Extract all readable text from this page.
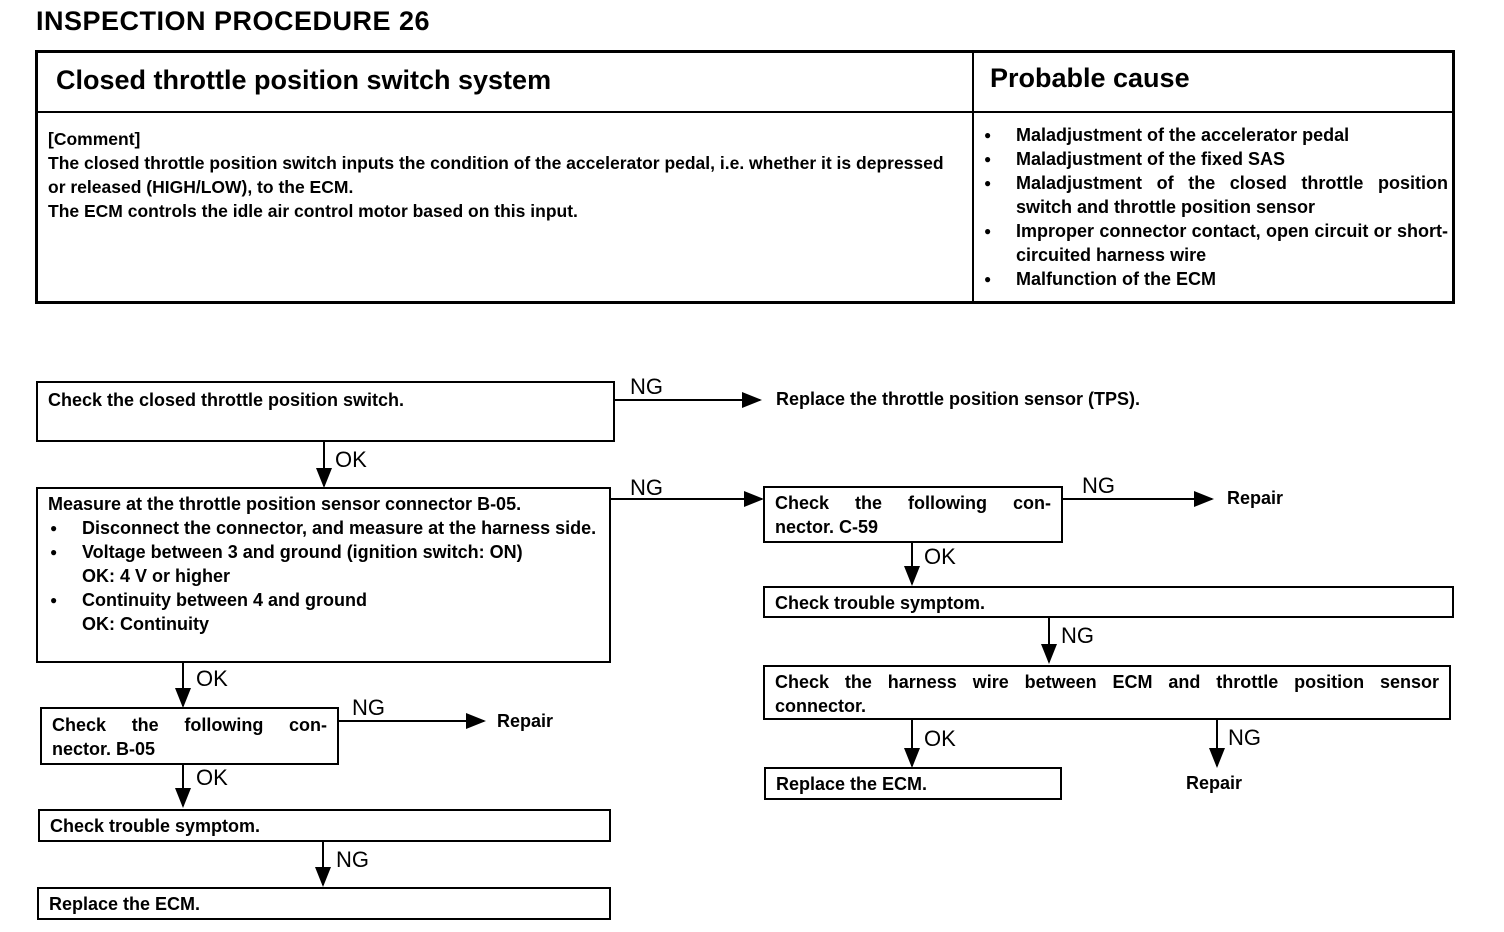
INSPECTION PROCEDURE 26
Closed throttle position switch system	Probable cause
[Comment]
The closed throttle position switch inputs the condition of the accelerator pedal, i.e. whether it is depressed or released (HIGH/LOW), to the ECM.
The ECM controls the idle air control motor based on this input.
● Maladjustment of the accelerator pedal
● Maladjustment of the fixed SAS
● Maladjustment of the closed throttle position switch and throttle position sensor
● Improper connector contact, open circuit or short-circuited harness wire
● Malfunction of the ECM
Check the closed throttle position switch.
Measure at the throttle position sensor connector B-05.
● Disconnect the connector, and measure at the harness side.
● Voltage between 3 and ground (ignition switch: ON)
OK: 4 V or higher
● Continuity between 4 and ground
OK: Continuity
Check the following con-
nector. B-05
Check trouble symptom.
Replace the ECM.
Check the following con-
nector. C-59
Check trouble symptom.
Check the harness wire between ECM and throttle position sensor
connector.
Replace the ECM.
Replace the throttle position sensor (TPS).
Repair
Repair
Repair
NG
OK
NG
OK
NG
OK
NG
NG
OK
NG
OK	NG
